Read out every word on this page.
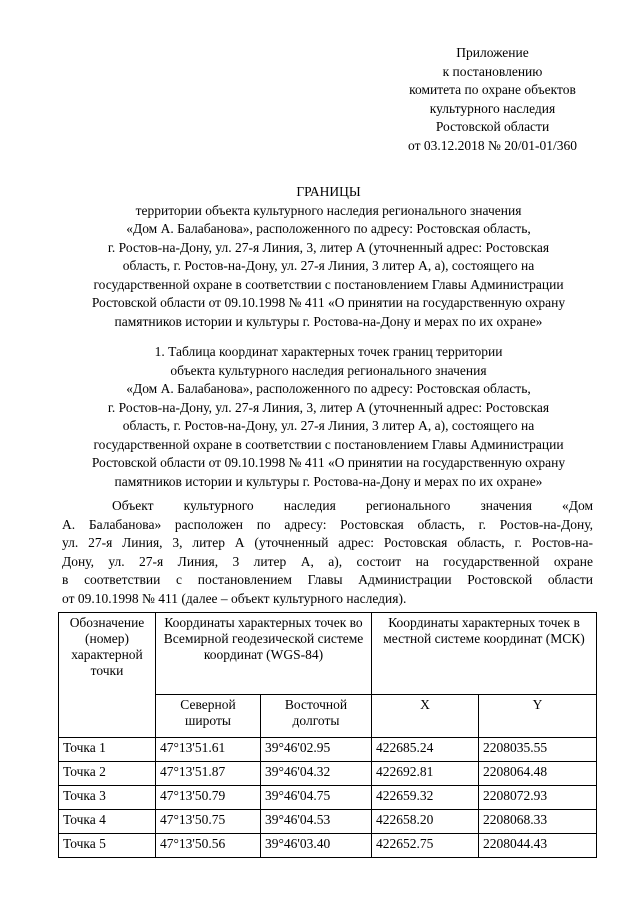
Приложение
к постановлению
комитета по охране объектов
культурного наследия
Ростовской области
от 03.12.2018 № 20/01-01/360
ГРАНИЦЫ
территории объекта культурного наследия регионального значения
«Дом А. Балабанова», расположенного по адресу: Ростовская область,
г. Ростов-на-Дону, ул. 27-я Линия, 3, литер А (уточненный адрес: Ростовская
область, г. Ростов-на-Дону, ул. 27-я Линия, 3 литер А, а), состоящего на
государственной охране в соответствии с постановлением Главы Администрации
Ростовской области от 09.10.1998 № 411 «О принятии на государственную охрану
памятников истории и культуры г. Ростова-на-Дону и мерах по их охране»
1. Таблица координат характерных точек границ территории
объекта культурного наследия регионального значения
«Дом А. Балабанова», расположенного по адресу: Ростовская область,
г. Ростов-на-Дону, ул. 27-я Линия, 3, литер А (уточненный адрес: Ростовская
область, г. Ростов-на-Дону, ул. 27-я Линия, 3 литер А, а), состоящего на
государственной охране в соответствии с постановлением Главы Администрации
Ростовской области от 09.10.1998 № 411 «О принятии на государственную охрану
памятников истории и культуры г. Ростова-на-Дону и мерах по их охране»
Объект культурного наследия регионального значения «Дом
А. Балабанова» расположен по адресу: Ростовская область, г. Ростов-на-Дону,
ул. 27-я Линия, 3, литер А (уточненный адрес: Ростовская область, г. Ростов-на-
Дону, ул. 27-я Линия, 3 литер А, а), состоит на государственной охране
в соответствии с постановлением Главы Администрации Ростовской области
от 09.10.1998 № 411 (далее – объект культурного наследия).
Обозначение (номер) характерной точки	Координаты характерных точек во Всемирной геодезической системе координат (WGS-84)		Координаты характерных точек в местной системе координат (МСК)	
	Северной широты	Восточной долготы	X	Y
Точка 1	47°13'51.61	39°46'02.95	422685.24	2208035.55
Точка 2	47°13'51.87	39°46'04.32	422692.81	2208064.48
Точка 3	47°13'50.79	39°46'04.75	422659.32	2208072.93
Точка 4	47°13'50.75	39°46'04.53	422658.20	2208068.33
Точка 5	47°13'50.56	39°46'03.40	422652.75	2208044.43
